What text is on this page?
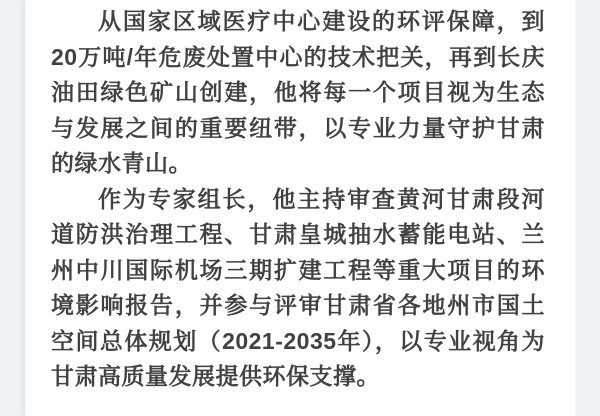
从国家区域医疗中心建设的环评保障，到
20万吨/年危废处置中心的技术把关，再到长庆
油田绿色矿山创建，他将每一个项目视为生态
与发展之间的重要纽带，以专业力量守护甘肃
的绿水青山。
作为专家组长，他主持审查黄河甘肃段河
道防洪治理工程、甘肃皇城抽水蓄能电站、兰
州中川国际机场三期扩建工程等重大项目的环
境影响报告，并参与评审甘肃省各地州市国土
空间总体规划（2021-2035年），以专业视角为
甘肃高质量发展提供环保支撑。
